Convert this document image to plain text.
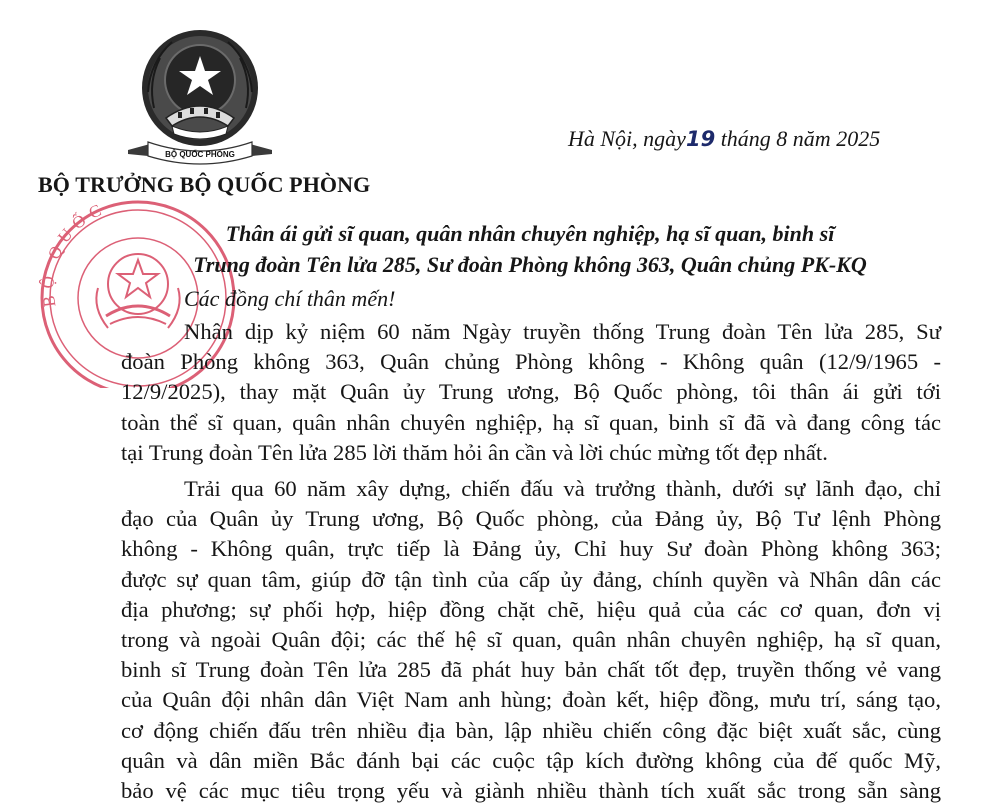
BỘ QUỐC PHÒNG
BỘ QUỐC
Hà Nội, ngày19 tháng 8 năm 2025
BỘ TRƯỞNG BỘ QUỐC PHÒNG
Thân ái gửi sĩ quan, quân nhân chuyên nghiệp, hạ sĩ quan, binh sĩ
Trung đoàn Tên lửa 285, Sư đoàn Phòng không 363, Quân chủng PK-KQ
Các đồng chí thân mến!
Nhân dịp kỷ niệm 60 năm Ngày truyền thống Trung đoàn Tên lửa 285, Sư
đoàn Phòng không 363, Quân chủng Phòng không - Không quân (12/9/1965 -
12/9/2025), thay mặt Quân ủy Trung ương, Bộ Quốc phòng, tôi thân ái gửi tới
toàn thể sĩ quan, quân nhân chuyên nghiệp, hạ sĩ quan, binh sĩ đã và đang công tác
tại Trung đoàn Tên lửa 285 lời thăm hỏi ân cần và lời chúc mừng tốt đẹp nhất.
Trải qua 60 năm xây dựng, chiến đấu và trưởng thành, dưới sự lãnh đạo, chỉ
đạo của Quân ủy Trung ương, Bộ Quốc phòng, của Đảng ủy, Bộ Tư lệnh Phòng
không - Không quân, trực tiếp là Đảng ủy, Chỉ huy Sư đoàn Phòng không 363;
được sự quan tâm, giúp đỡ tận tình của cấp ủy đảng, chính quyền và Nhân dân các
địa phương; sự phối hợp, hiệp đồng chặt chẽ, hiệu quả của các cơ quan, đơn vị
trong và ngoài Quân đội; các thế hệ sĩ quan, quân nhân chuyên nghiệp, hạ sĩ quan,
binh sĩ Trung đoàn Tên lửa 285 đã phát huy bản chất tốt đẹp, truyền thống vẻ vang
của Quân đội nhân dân Việt Nam anh hùng; đoàn kết, hiệp đồng, mưu trí, sáng tạo,
cơ động chiến đấu trên nhiều địa bàn, lập nhiều chiến công đặc biệt xuất sắc, cùng
quân và dân miền Bắc đánh bại các cuộc tập kích đường không của đế quốc Mỹ,
bảo vệ các mục tiêu trọng yếu và giành nhiều thành tích xuất sắc trong sẵn sàng
